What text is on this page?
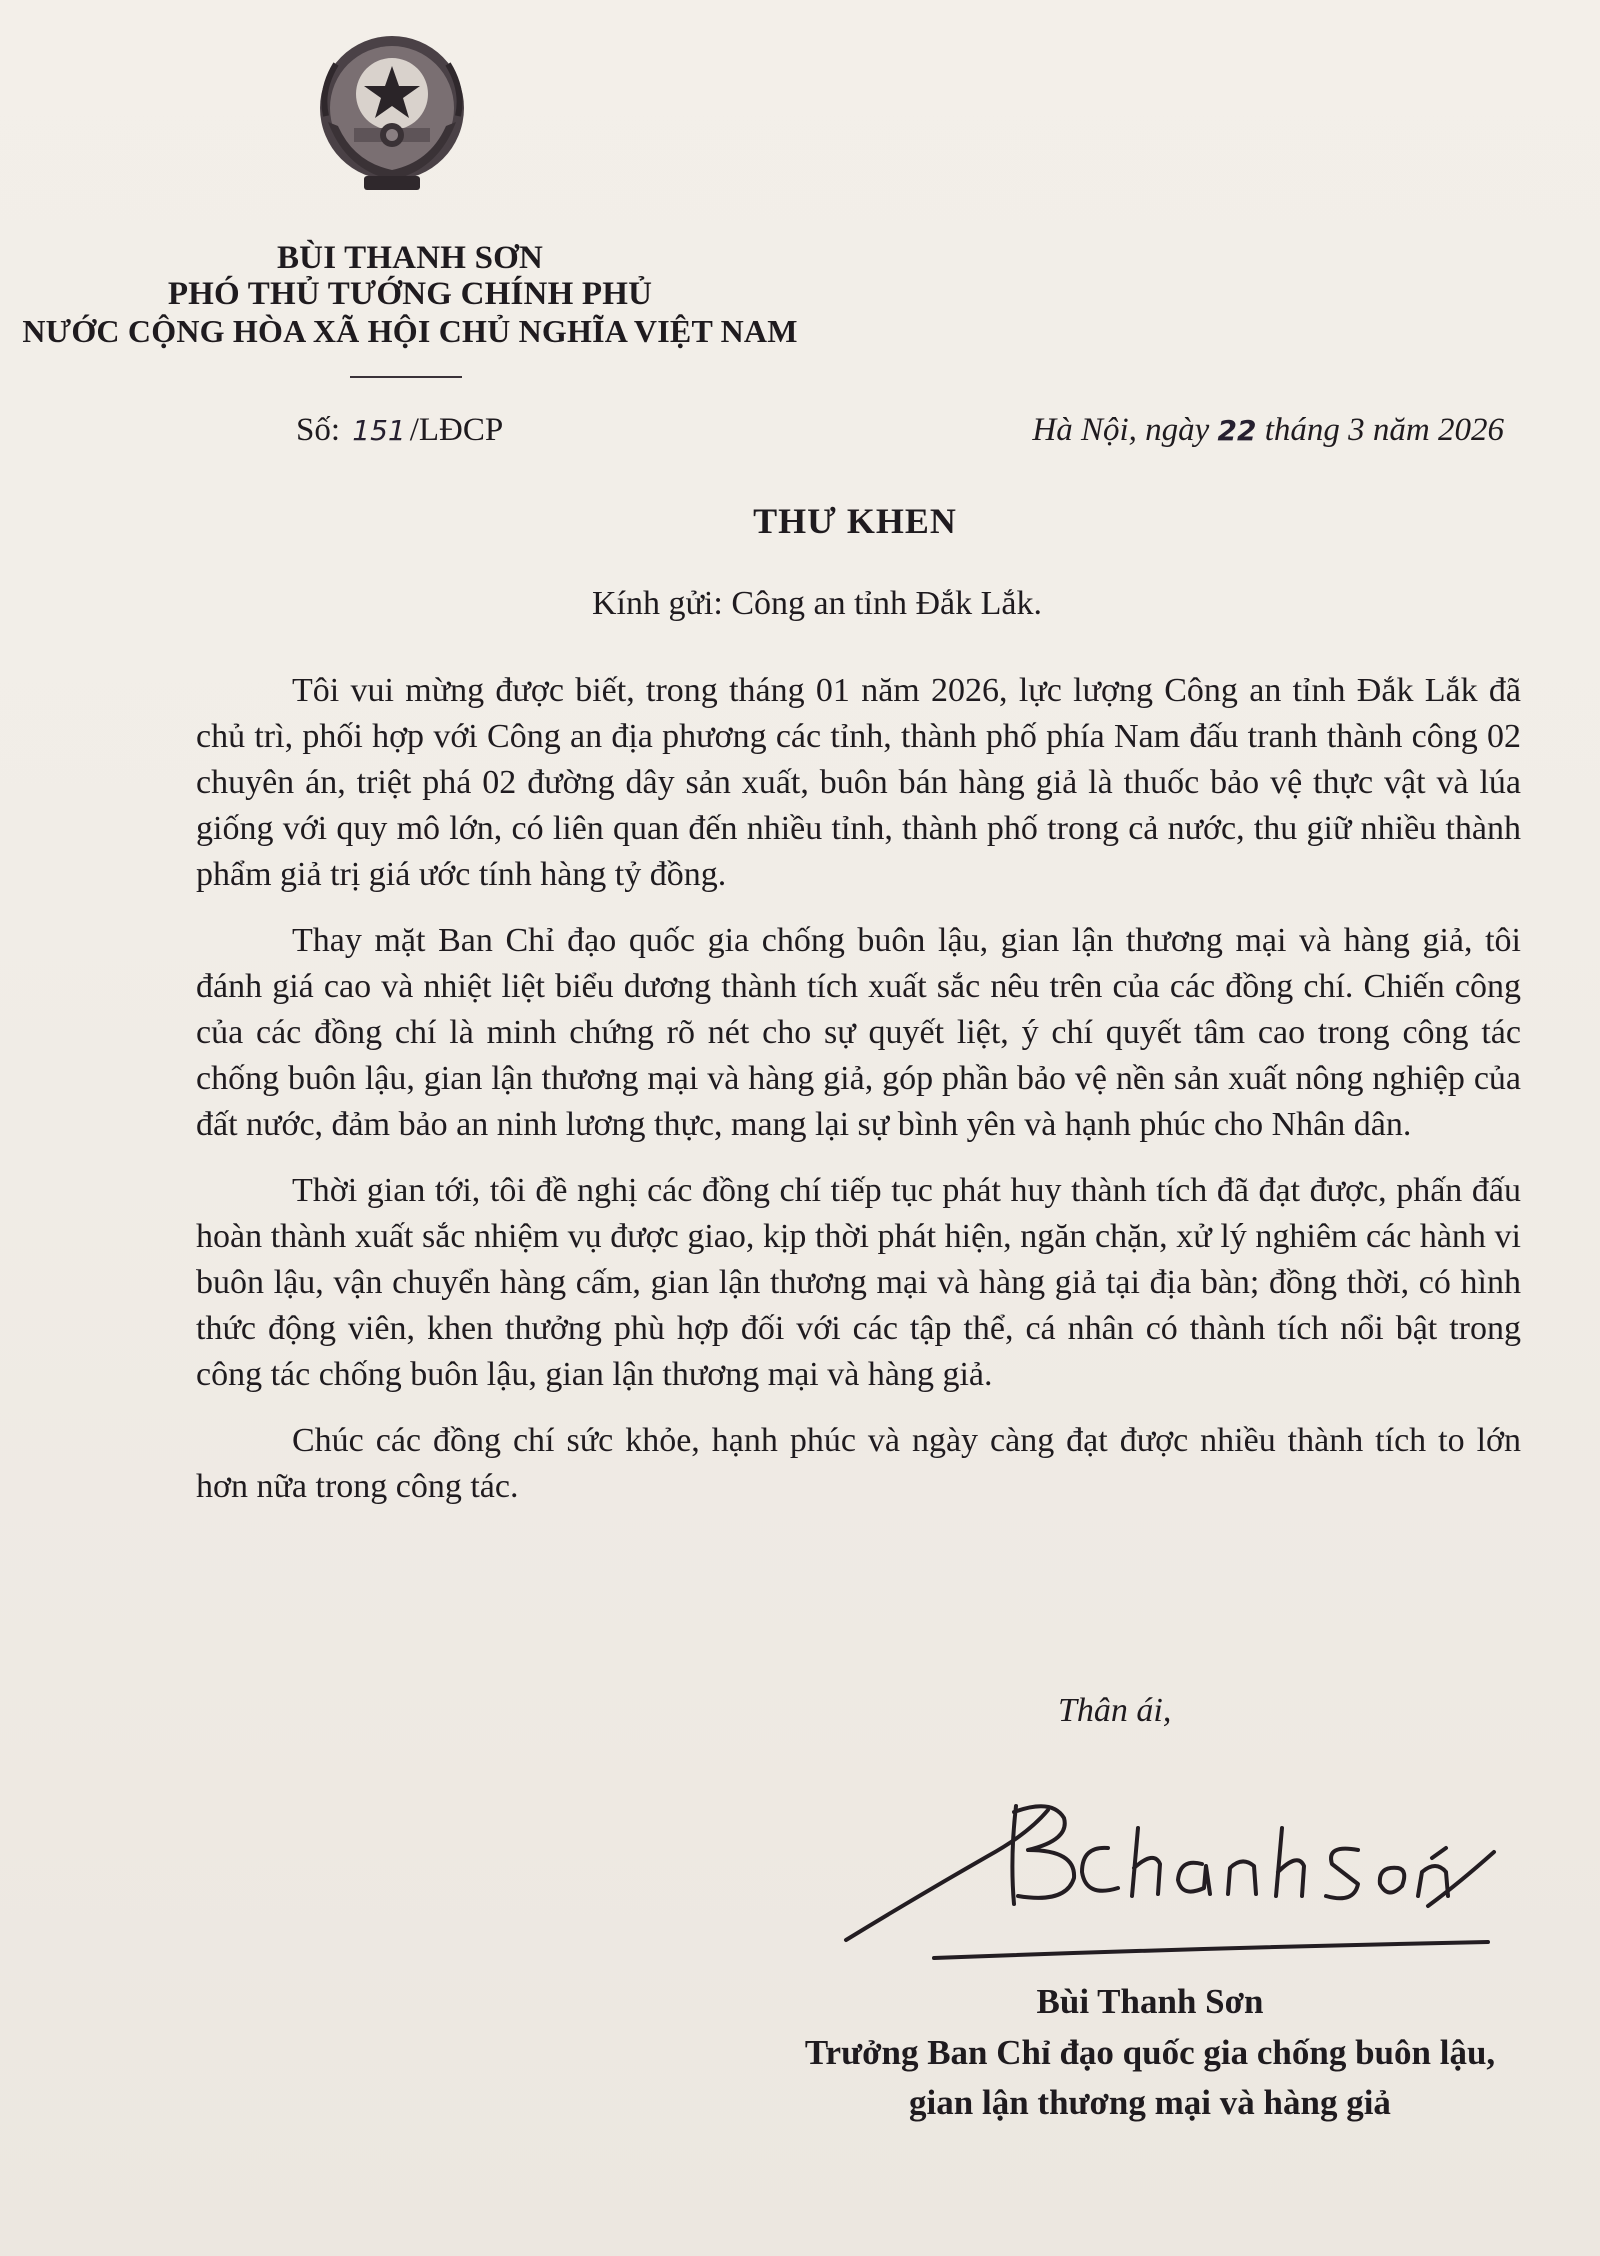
BÙI THANH SƠN
PHÓ THỦ TƯỚNG CHÍNH PHỦ
NƯỚC CỘNG HÒA XÃ HỘI CHỦ NGHĨA VIỆT NAM
Số: 151 /LĐCP	Hà Nội, ngày 22 tháng 3 năm 2026
THƯ KHEN
Kính gửi: Công an tỉnh Đắk Lắk.

Tôi vui mừng được biết, trong tháng 01 năm 2026, lực lượng Công an tỉnh Đắk Lắk đã chủ trì, phối hợp với Công an địa phương các tỉnh, thành phố phía Nam đấu tranh thành công 02 chuyên án, triệt phá 02 đường dây sản xuất, buôn bán hàng giả là thuốc bảo vệ thực vật và lúa giống với quy mô lớn, có liên quan đến nhiều tỉnh, thành phố trong cả nước, thu giữ nhiều thành phẩm giả trị giá ước tính hàng tỷ đồng.

Thay mặt Ban Chỉ đạo quốc gia chống buôn lậu, gian lận thương mại và hàng giả, tôi đánh giá cao và nhiệt liệt biểu dương thành tích xuất sắc nêu trên của các đồng chí. Chiến công của các đồng chí là minh chứng rõ nét cho sự quyết liệt, ý chí quyết tâm cao trong công tác chống buôn lậu, gian lận thương mại và hàng giả, góp phần bảo vệ nền sản xuất nông nghiệp của đất nước, đảm bảo an ninh lương thực, mang lại sự bình yên và hạnh phúc cho Nhân dân.

Thời gian tới, tôi đề nghị các đồng chí tiếp tục phát huy thành tích đã đạt được, phấn đấu hoàn thành xuất sắc nhiệm vụ được giao, kịp thời phát hiện, ngăn chặn, xử lý nghiêm các hành vi buôn lậu, vận chuyển hàng cấm, gian lận thương mại và hàng giả tại địa bàn; đồng thời, có hình thức động viên, khen thưởng phù hợp đối với các tập thể, cá nhân có thành tích nổi bật trong công tác chống buôn lậu, gian lận thương mại và hàng giả.

Chúc các đồng chí sức khỏe, hạnh phúc và ngày càng đạt được nhiều thành tích to lớn hơn nữa trong công tác.

Thân ái,
Bùi Thanh Sơn
Trưởng Ban Chỉ đạo quốc gia chống buôn lậu,
gian lận thương mại và hàng giả
